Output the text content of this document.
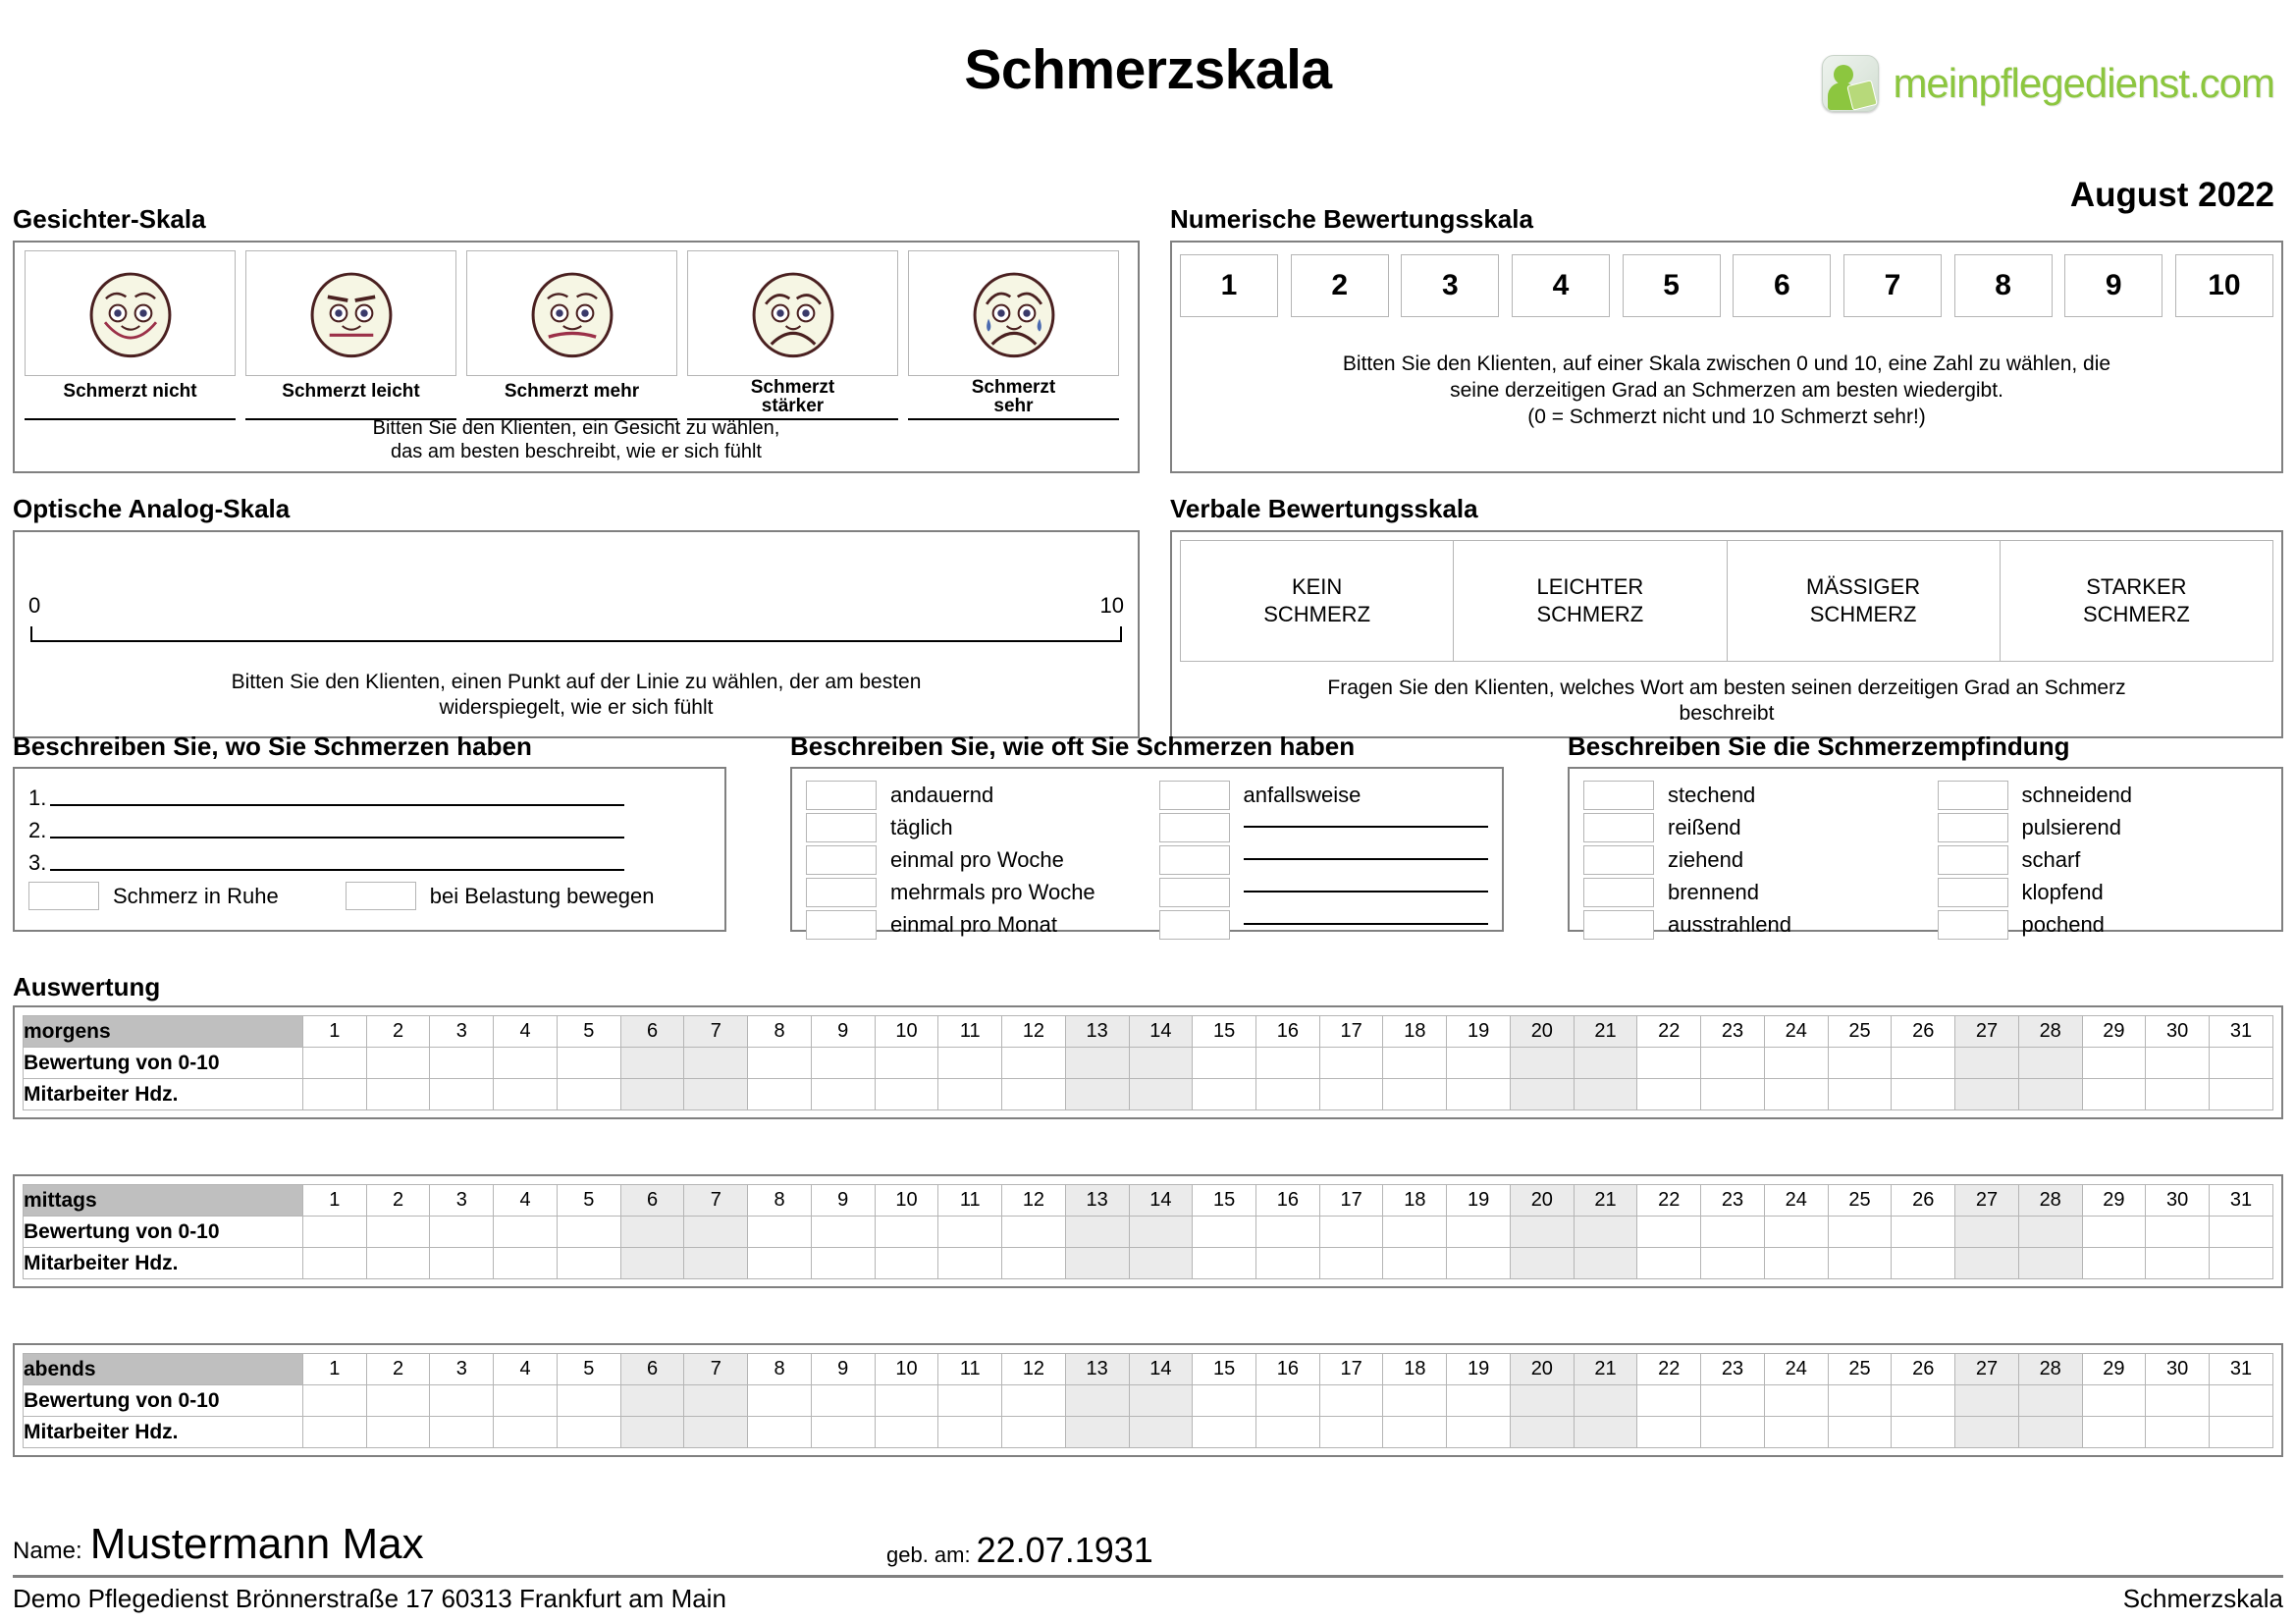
Schmerzskala	meinpflegedienst.com
August 2022
Gesichter-Skala
Schmerzt nicht	Schmerzt leicht	Schmerzt mehr	Schmerzt
stärker
Schmerzt
sehr
Bitten Sie den Klienten, ein Gesicht zu wählen,
das am besten beschreibt, wie er sich fühlt
Numerische Bewertungsskala
1	2	3	4	5	6	7	8	9	10
Bitten Sie den Klienten, auf einer Skala zwischen 0 und 10, eine Zahl zu wählen, die
seine derzeitigen Grad an Schmerzen am besten wiedergibt.
(0 = Schmerzt nicht und 10 Schmerzt sehr!)
Optische Analog-Skala
0	10
Bitten Sie den Klienten, einen Punkt auf der Linie zu wählen, der am besten
widerspiegelt, wie er sich fühlt
Verbale Bewertungsskala
KEIN
SCHMERZ
LEICHTER
SCHMERZ
MÄSSIGER
SCHMERZ
STARKER
SCHMERZ
Fragen Sie den Klienten, welches Wort am besten seinen derzeitigen Grad an Schmerz
beschreibt
Beschreiben Sie, wo Sie Schmerzen haben
1.
2.
3.
Schmerz in Ruhe	bei Belastung bewegen
Beschreiben Sie, wie oft Sie Schmerzen haben
andauernd
täglich
einmal pro Woche
mehrmals pro Woche
einmal pro Monat
anfallsweise
Beschreiben Sie die Schmerzempfindung
stechend
reißend
ziehend
brennend
ausstrahlend
schneidend
pulsierend
scharf
klopfend
pochend
Auswertung
morgens	1	2	3	4	5	6	7	8	9	10	11	12	13	14	15	16	17	18	19	20	21	22	23	24	25	26	27	28	29	30	31
Bewertung von 0-10																															
Mitarbeiter Hdz.																															
mittags	1	2	3	4	5	6	7	8	9	10	11	12	13	14	15	16	17	18	19	20	21	22	23	24	25	26	27	28	29	30	31
Bewertung von 0-10																															
Mitarbeiter Hdz.																															
abends	1	2	3	4	5	6	7	8	9	10	11	12	13	14	15	16	17	18	19	20	21	22	23	24	25	26	27	28	29	30	31
Bewertung von 0-10																															
Mitarbeiter Hdz.																															
Name: Mustermann Max	geb. am: 22.07.1931
Demo Pflegedienst Brönnerstraße 17 60313 Frankfurt am Main	Schmerzskala
